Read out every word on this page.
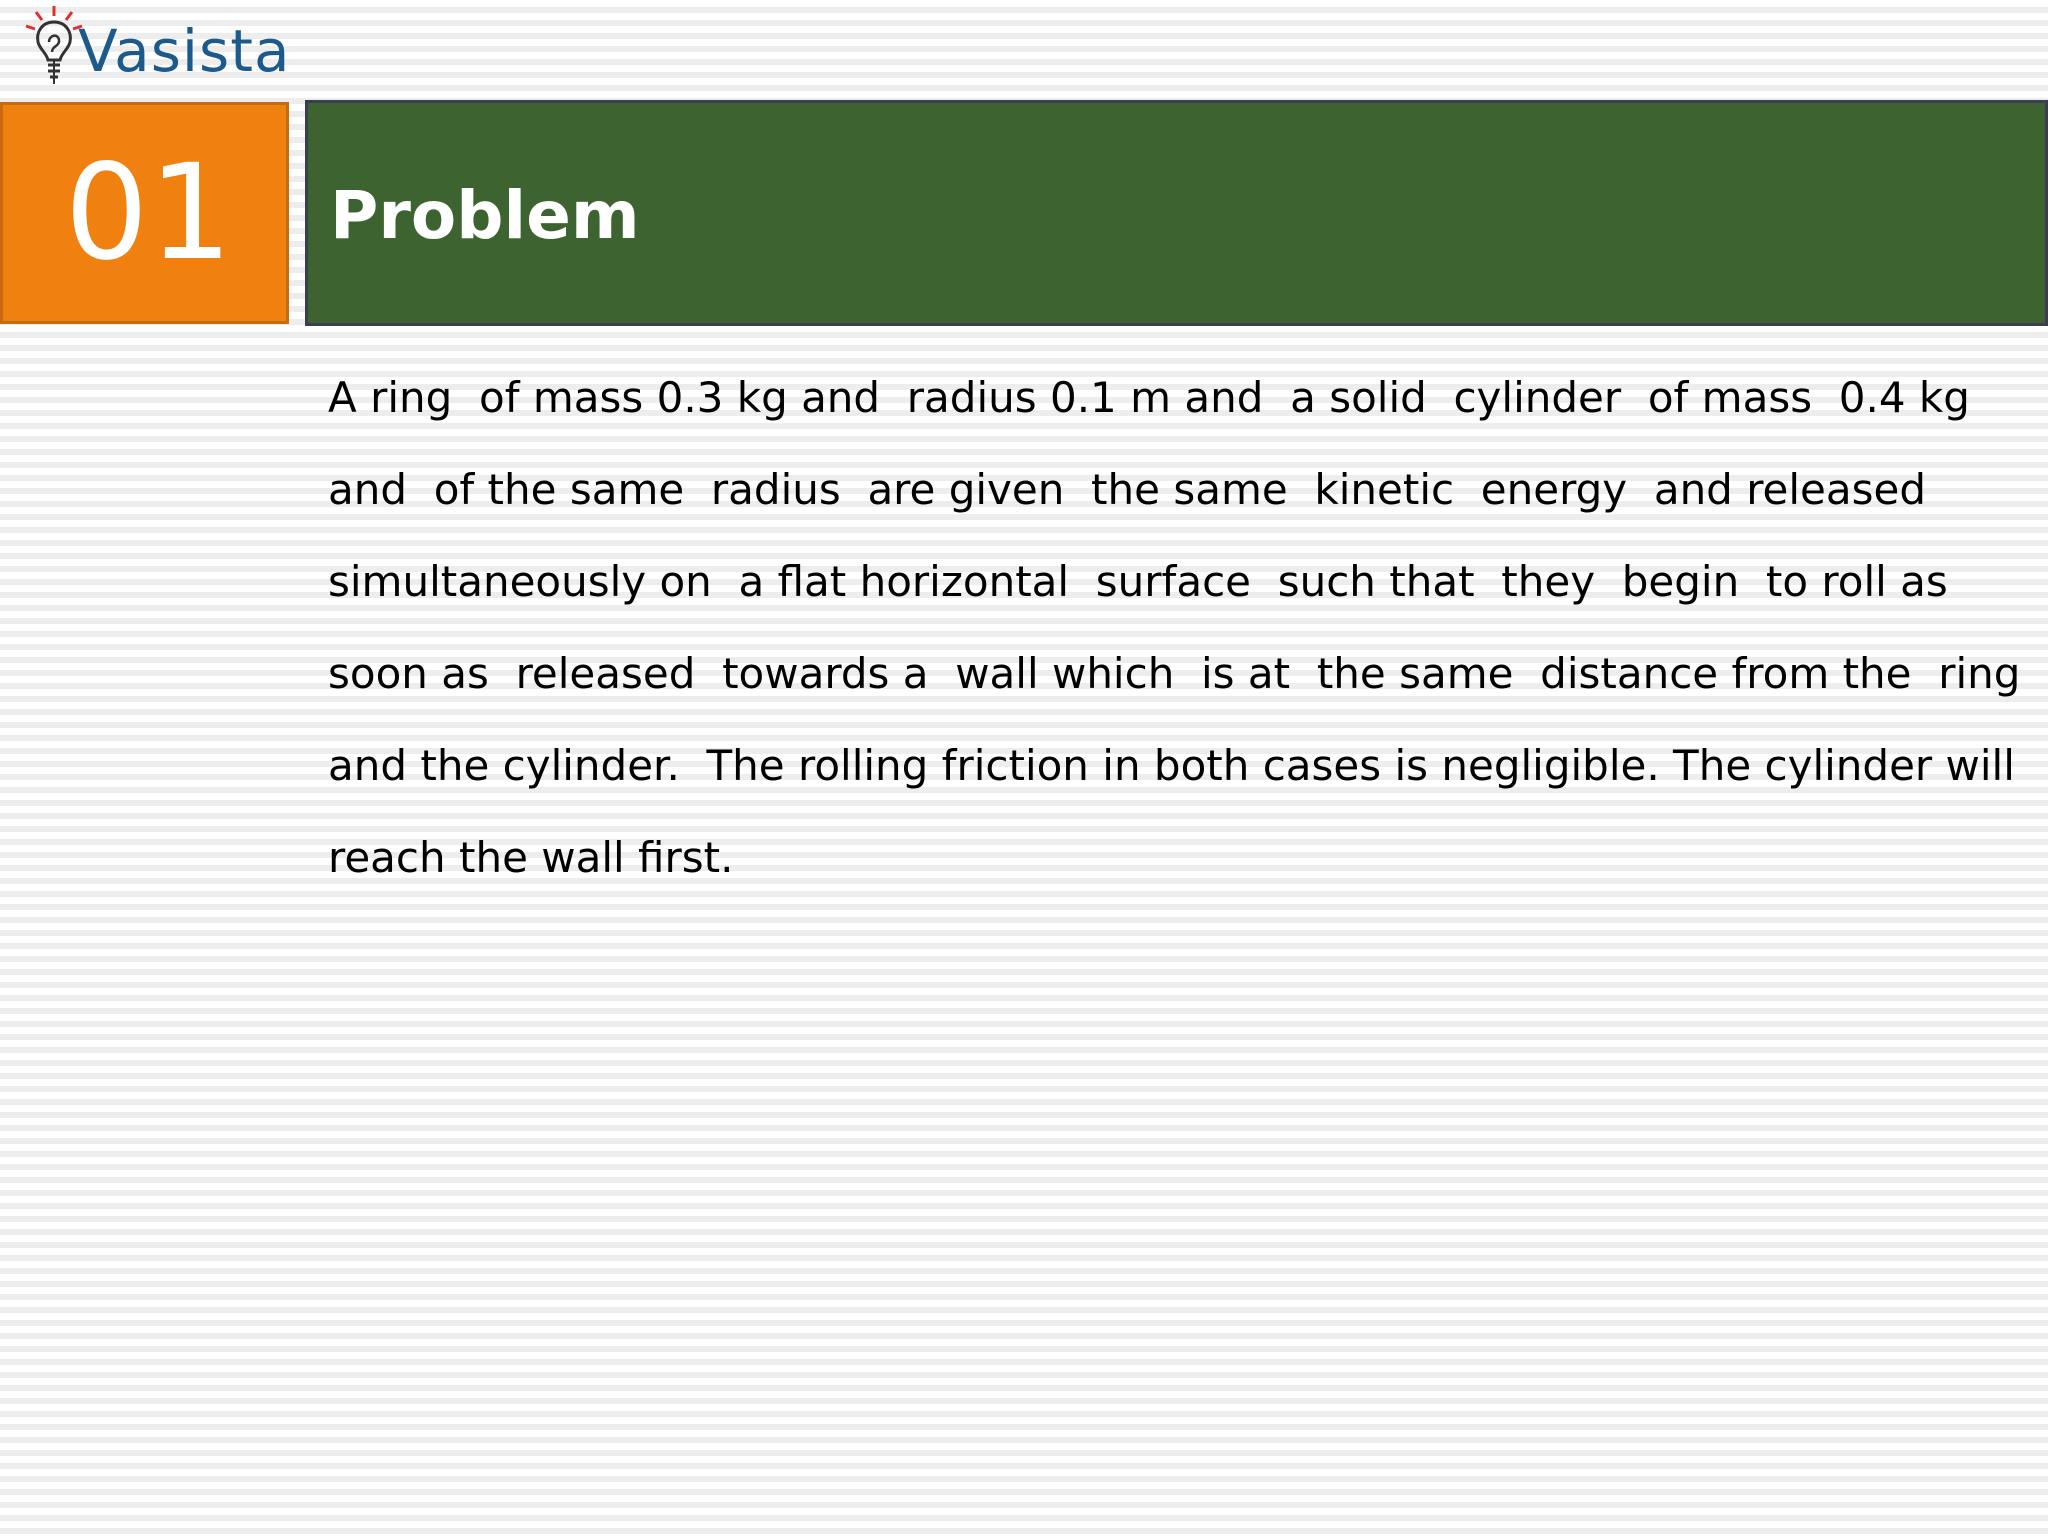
Vasista
01 Problem
A ring  of mass 0.3 kg and  radius 0.1 m and  a solid  cylinder  of mass  0.4 kg
and  of the same  radius  are given  the same  kinetic  energy  and released
simultaneously on  a flat horizontal  surface  such that  they  begin  to roll as
soon as  released  towards a  wall which  is at  the same  distance from the  ring
and the cylinder.  The rolling friction in both cases is negligible. The cylinder will
reach the wall first.
